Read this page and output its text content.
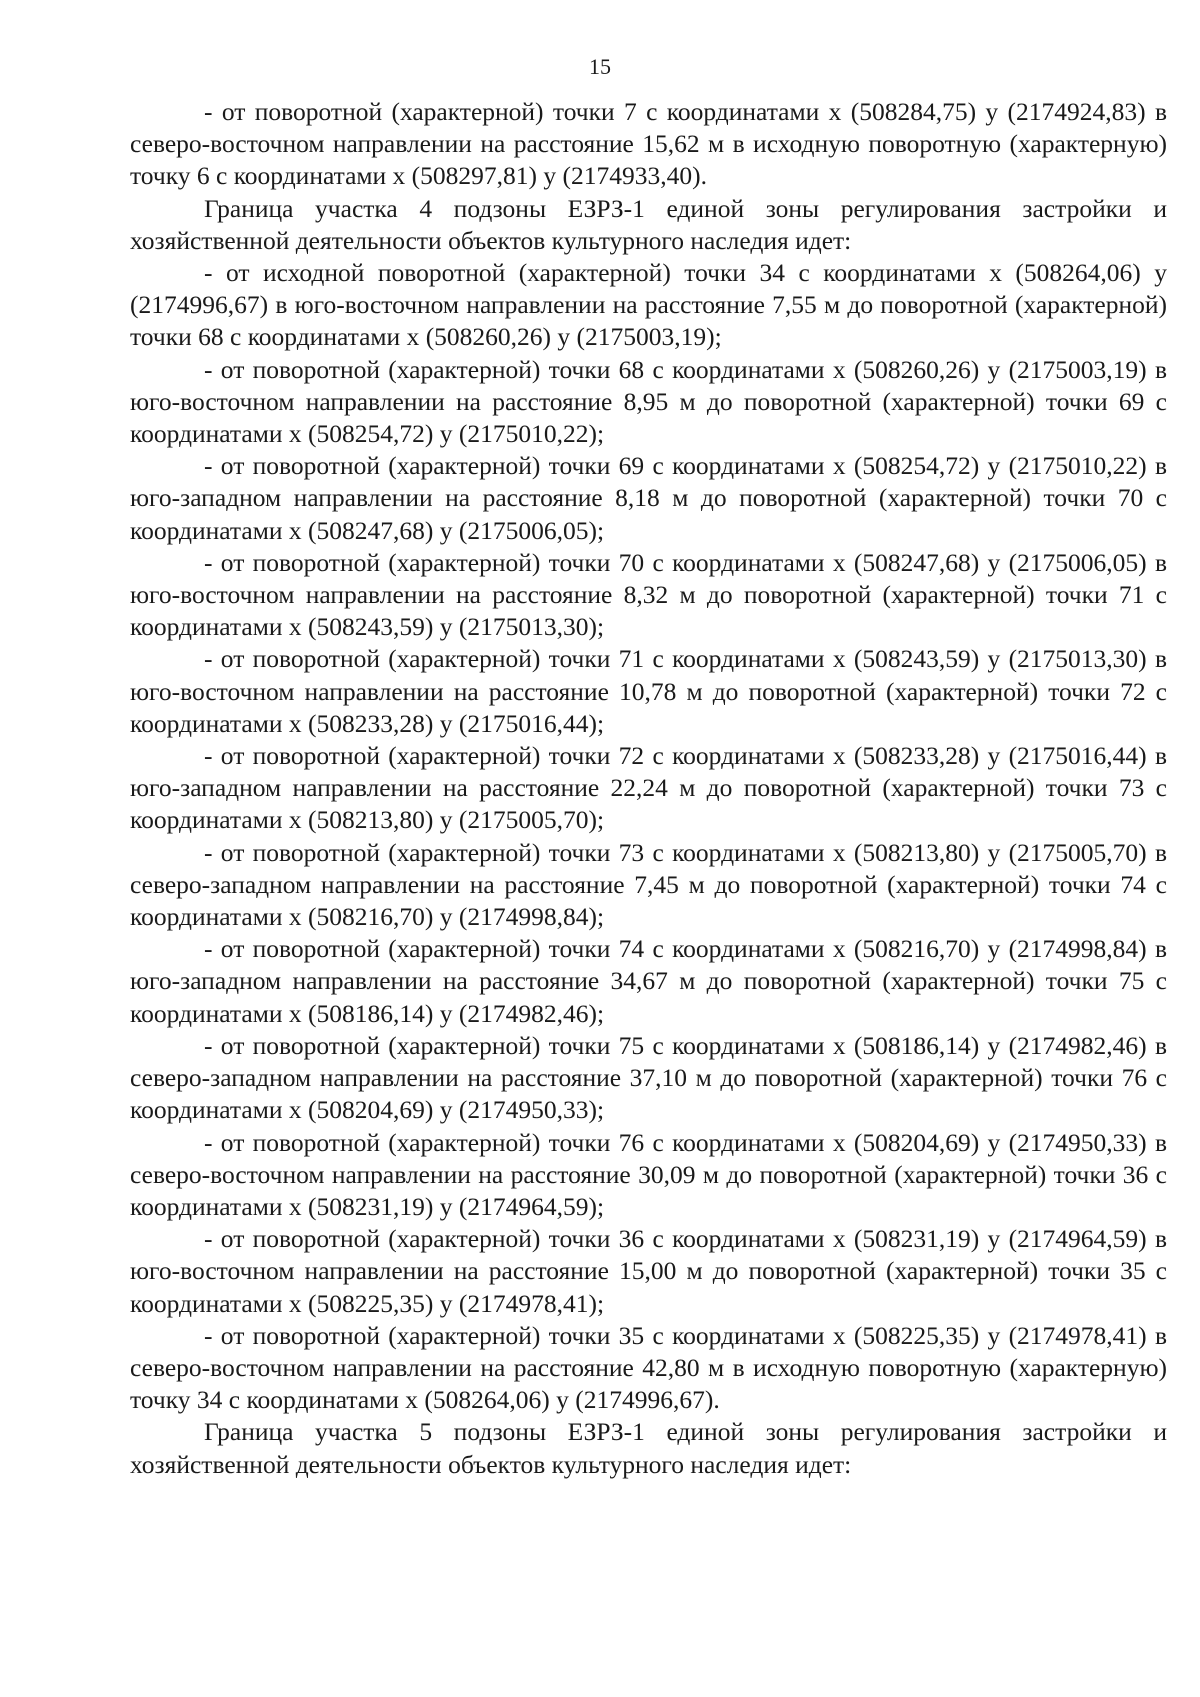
15

- от поворотной (характерной) точки 7 с координатами x (508284,75) y (2174924,83) в северо-восточном направлении на расстояние 15,62 м в исходную поворотную (характерную) точку 6 с координатами x (508297,81) y (2174933,40).

Граница участка 4 подзоны ЕЗРЗ-1 единой зоны регулирования застройки и хозяйственной деятельности объектов культурного наследия идет:

- от исходной поворотной (характерной) точки 34 с координатами x (508264,06) y (2174996,67) в юго-восточном направлении на расстояние 7,55 м до поворотной (характерной) точки 68 с координатами x (508260,26) y (2175003,19);

- от поворотной (характерной) точки 68 с координатами x (508260,26) y (2175003,19) в юго-восточном направлении на расстояние 8,95 м до поворотной (характерной) точки 69 с координатами x (508254,72) y (2175010,22);

- от поворотной (характерной) точки 69 с координатами x (508254,72) y (2175010,22) в юго-западном направлении на расстояние 8,18 м до поворотной (характерной) точки 70 с координатами x (508247,68) y (2175006,05);

- от поворотной (характерной) точки 70 с координатами x (508247,68) y (2175006,05) в юго-восточном направлении на расстояние 8,32 м до поворотной (характерной) точки 71 с координатами x (508243,59) y (2175013,30);

- от поворотной (характерной) точки 71 с координатами x (508243,59) y (2175013,30) в юго-восточном направлении на расстояние 10,78 м до поворотной (характерной) точки 72 с координатами x (508233,28) y (2175016,44);

- от поворотной (характерной) точки 72 с координатами x (508233,28) y (2175016,44) в юго-западном направлении на расстояние 22,24 м до поворотной (характерной) точки 73 с координатами x (508213,80) y (2175005,70);

- от поворотной (характерной) точки 73 с координатами x (508213,80) y (2175005,70) в северо-западном направлении на расстояние 7,45 м до поворотной (характерной) точки 74 с координатами x (508216,70) y (2174998,84);

- от поворотной (характерной) точки 74 с координатами x (508216,70) y (2174998,84) в юго-западном направлении на расстояние 34,67 м до поворотной (характерной) точки 75 с координатами x (508186,14) y (2174982,46);

- от поворотной (характерной) точки 75 с координатами x (508186,14) y (2174982,46) в северо-западном направлении на расстояние 37,10 м до поворотной (характерной) точки 76 с координатами x (508204,69) y (2174950,33);

- от поворотной (характерной) точки 76 с координатами x (508204,69) y (2174950,33) в северо-восточном направлении на расстояние 30,09 м до поворотной (характерной) точки 36 с координатами x (508231,19) y (2174964,59);

- от поворотной (характерной) точки 36 с координатами x (508231,19) y (2174964,59) в юго-восточном направлении на расстояние 15,00 м до поворотной (характерной) точки 35 с координатами x (508225,35) y (2174978,41);

- от поворотной (характерной) точки 35 с координатами x (508225,35) y (2174978,41) в северо-восточном направлении на расстояние 42,80 м в исходную поворотную (характерную) точку 34 с координатами x (508264,06) y (2174996,67).

Граница участка 5 подзоны ЕЗРЗ-1 единой зоны регулирования застройки и хозяйственной деятельности объектов культурного наследия идет:
